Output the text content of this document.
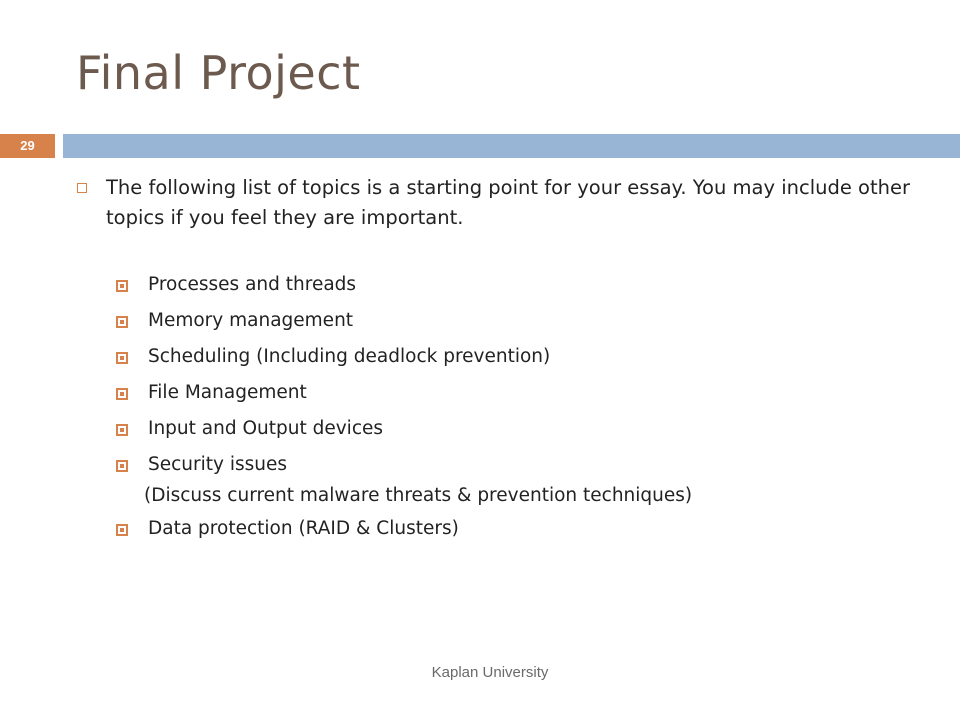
Final Project
29
The following list of topics is a starting point for your essay. You may include other topics if you feel they are important.
Processes and threads
Memory management
Scheduling (Including deadlock prevention)
File Management
Input and Output devices
Security issues
(Discuss current malware threats & prevention techniques)
Data protection (RAID & Clusters)
Kaplan University
